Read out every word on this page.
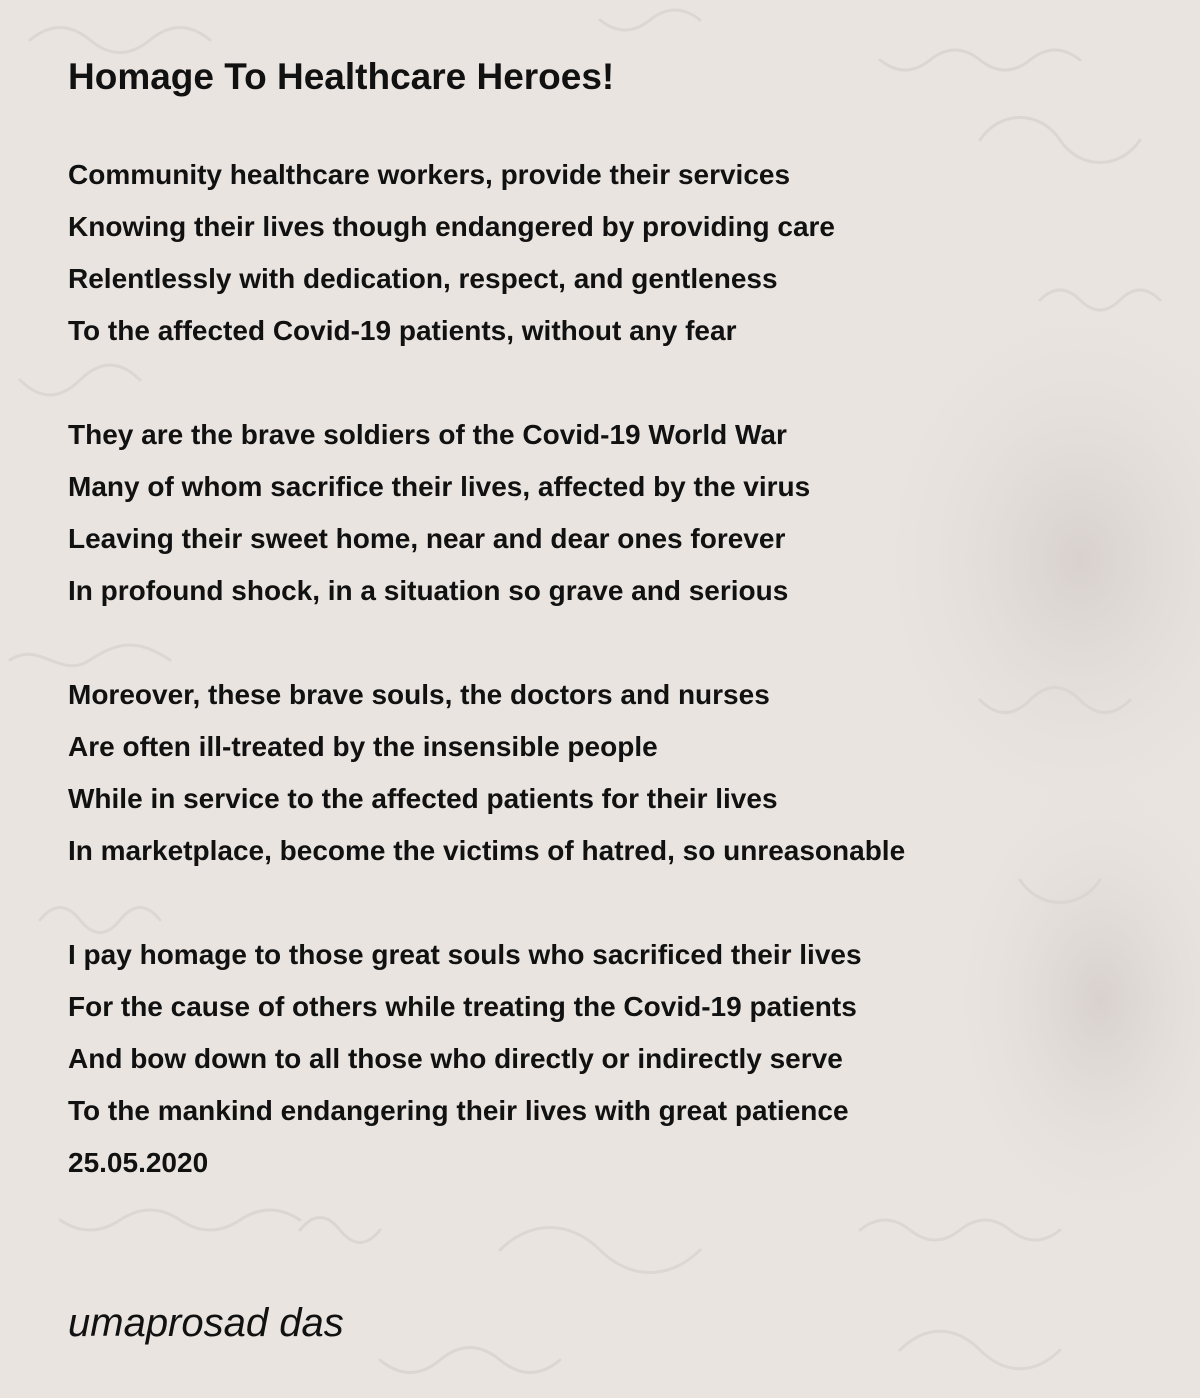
Homage To Healthcare Heroes!
Community healthcare workers, provide their services
Knowing their lives though endangered by providing care
Relentlessly with dedication, respect, and gentleness
To the affected Covid-19 patients, without any fear
They are the brave soldiers of the Covid-19 World War
Many of whom sacrifice their lives, affected by the virus
Leaving their sweet home, near and dear ones forever
In profound shock, in a situation so grave and serious
Moreover, these brave souls, the doctors and nurses
Are often ill-treated by the insensible people
While in service to the affected patients for their lives
In marketplace, become the victims of hatred, so unreasonable
I pay homage to those great souls who sacrificed their lives
For the cause of others while treating the Covid-19 patients
And bow down to all those who directly or indirectly serve
To the mankind endangering their lives with great patience
25.05.2020
umaprosad das
